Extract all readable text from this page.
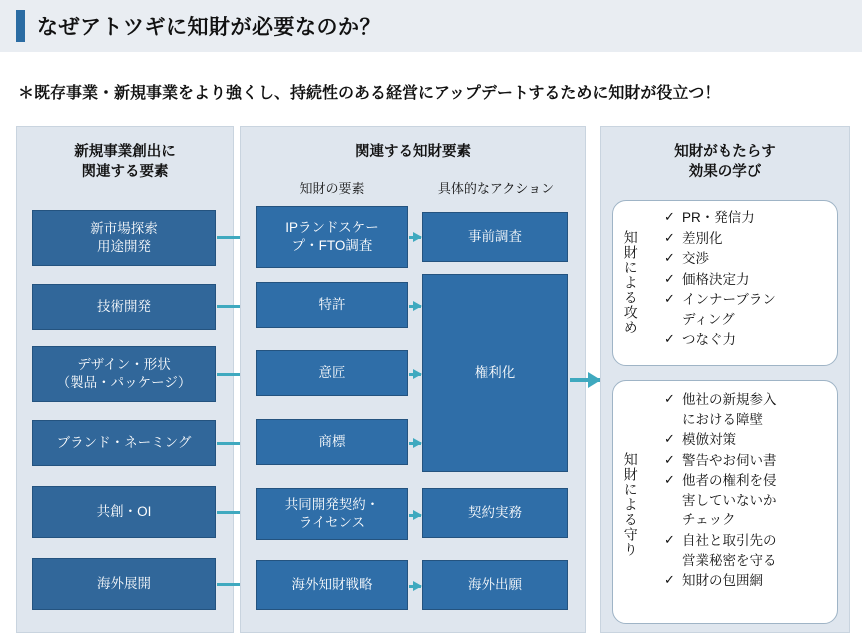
なぜアトツギに知財が必要なのか？
＊既存事業・新規事業をより強くし、持続性のある経営にアップデートするために知財が役立つ！
新規事業創出に
関連する要素
新市場探索
用途開発
技術開発
デザイン・形状
（製品・パッケージ）
ブランド・ネーミング
共創・OI
海外展開
関連する知財要素
知財の要素	具体的なアクション
IPランドスケー
プ・FTO調査
特許
意匠
商標
共同開発契約・
ライセンス
海外知財戦略
事前調査
権利化
契約実務
海外出願
知財がもたらす
効果の学び
知財による攻め
✓ PR・発信力
✓ 差別化
✓ 交渉
✓ 価格決定力
✓ インナーブラン
ディング
✓ つなぐ力
知財による守り
✓ 他社の新規参入
における障壁
✓ 模倣対策
✓ 警告やお伺い書
✓ 他者の権利を侵
害していないか
チェック
✓ 自社と取引先の
営業秘密を守る
✓ 知財の包囲網
